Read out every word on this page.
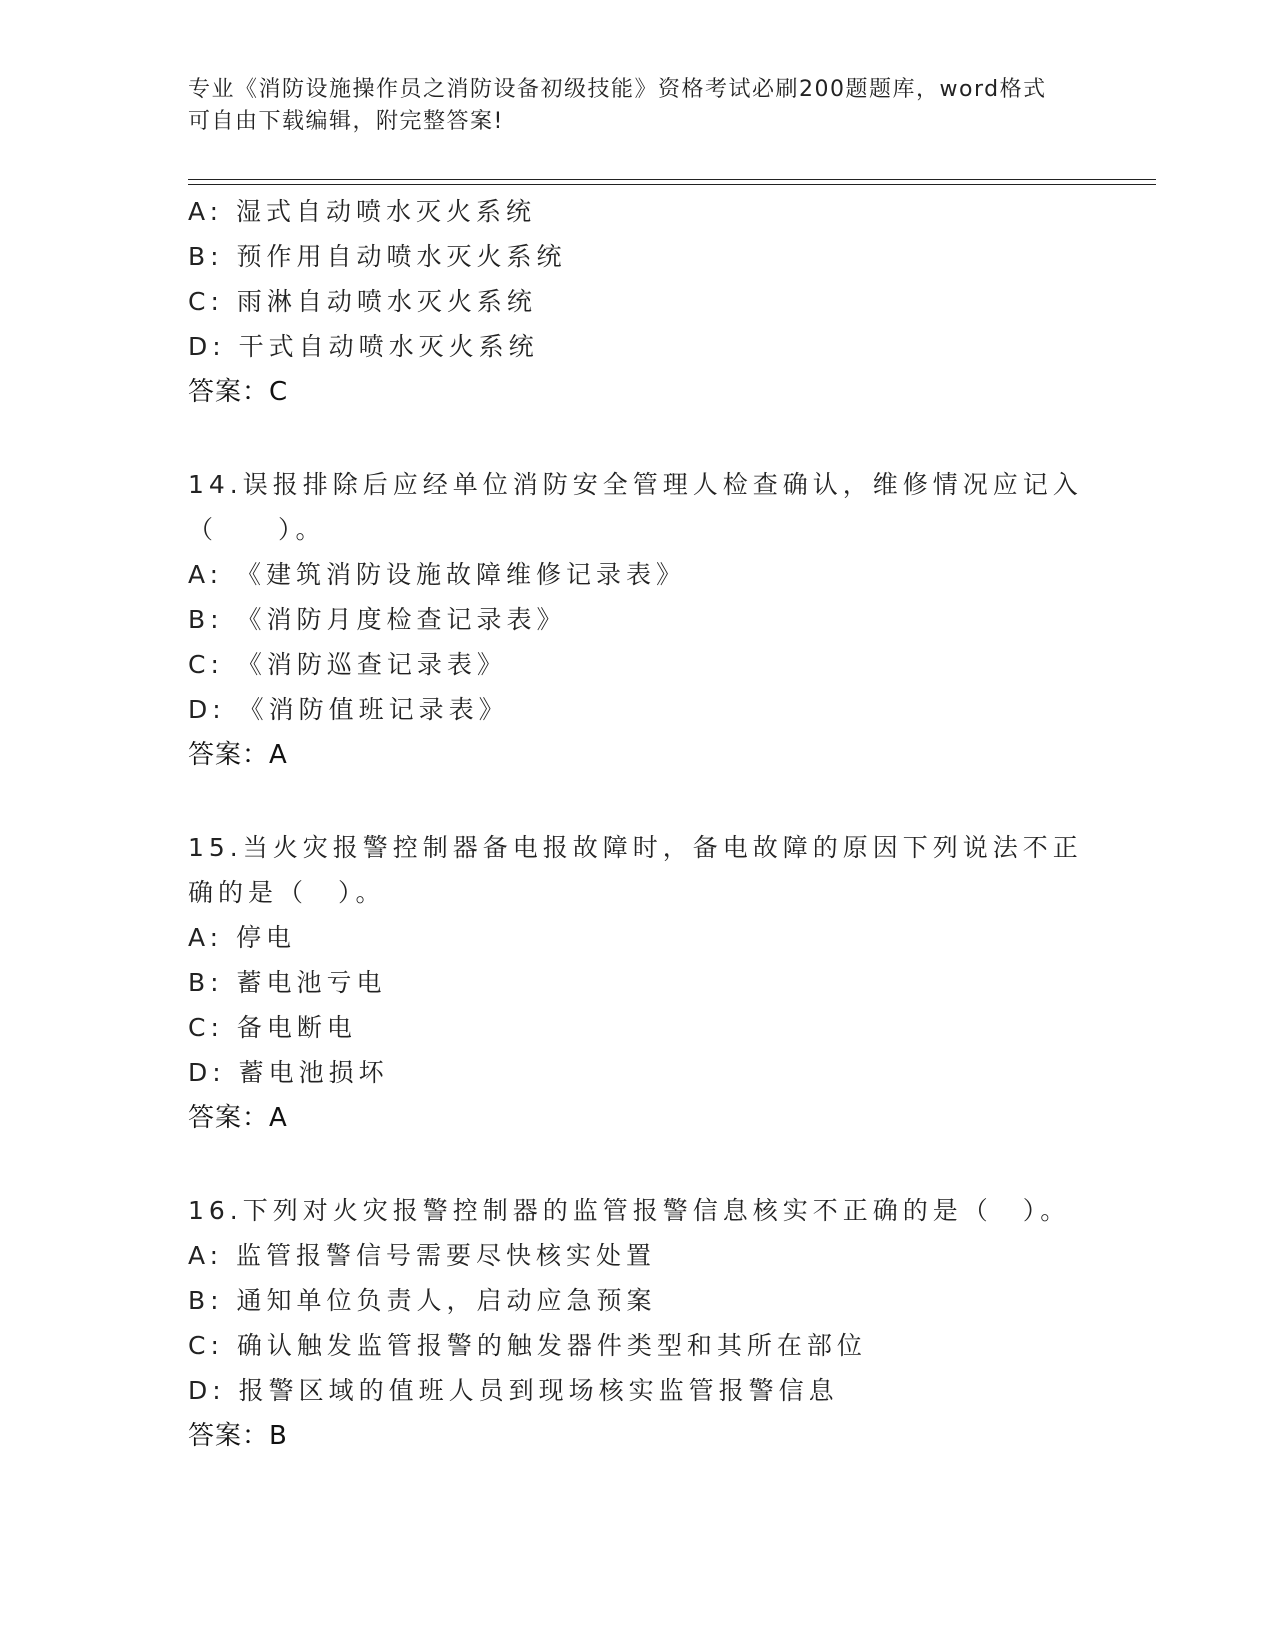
专业《消防设施操作员之消防设备初级技能》资格考试必刷200题题库，word格式可自由下载编辑，附完整答案!

A: 湿式自动喷水灭火系统

B: 预作用自动喷水灭火系统

C: 雨淋自动喷水灭火系统

D: 干式自动喷水灭火系统

答案：C

14.误报排除后应经单位消防安全管理人检查确认，维修情况应记入（　　）。

A: 《建筑消防设施故障维修记录表》

B: 《消防月度检查记录表》

C: 《消防巡查记录表》

D: 《消防值班记录表》

答案：A

15.当火灾报警控制器备电报故障时，备电故障的原因下列说法不正确的是（　）。

A: 停电

B: 蓄电池亏电

C: 备电断电

D: 蓄电池损坏

答案：A

16.下列对火灾报警控制器的监管报警信息核实不正确的是（　）。

A: 监管报警信号需要尽快核实处置

B: 通知单位负责人，启动应急预案

C: 确认触发监管报警的触发器件类型和其所在部位

D: 报警区域的值班人员到现场核实监管报警信息

答案：B
